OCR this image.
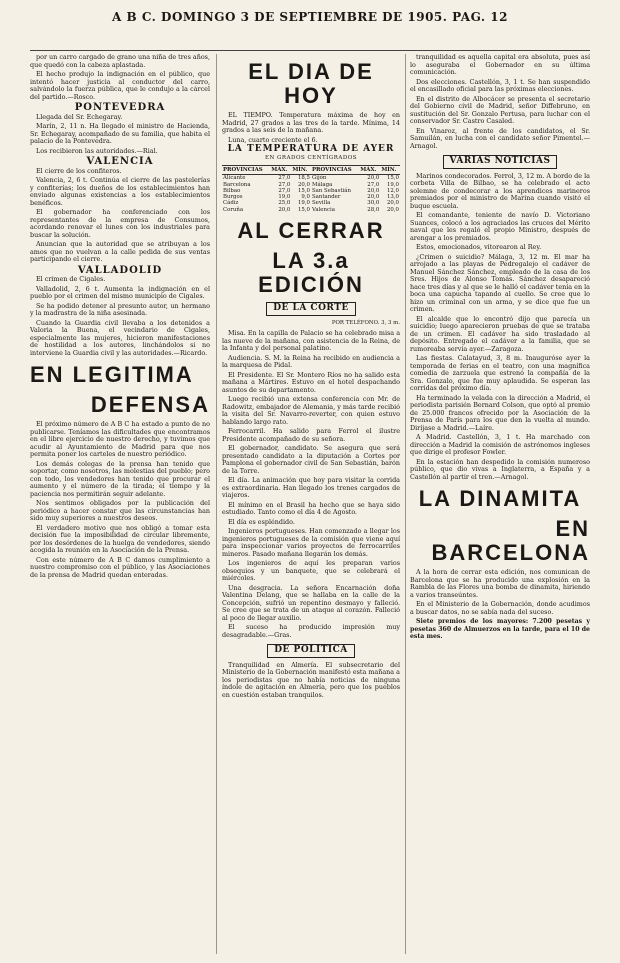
A B C. DOMINGO 3 DE SEPTIEMBRE DE 1905. PAG. 12

por un carro cargado de grano una niña de tres años, que quedó con la cabeza aplastada.

El hecho produjo la indignación en el público, que intentó hacer justicia al conductor del carro, salvándolo la fuerza pública, que le condujo a la cárcel del partido.—Rosco.

PONTEVEDRA

Llegada del Sr. Echegaray.

Marín, 2, 11 n. Ha llegado el ministro de Hacienda, Sr. Echegaray, acompañado de su familia, que habita el palacio de la Pontevedra.

Los recibieron las autoridades.—Rial.

VALENCIA

El cierre de los confiteros.

Valencia, 2, 6 t. Continúa el cierre de las pastelerías y confiterías; los dueños de los establecimientos han enviado algunas existencias a los establecimientos benéficos.

El gobernador ha conferenciado con los representantes de la empresa de Consumos, acordando renovar el lunes con los industriales para buscar la solución.

Anuncian que la autoridad que se atribuyan a los amos que no vuelvan a la calle pedida de sus ventas participando el cierre.

VALLADOLID

El crimen de Cigales.

Valladolid, 2, 6 t. Aumenta la indignación en el pueblo por el crimen del mismo municipio de Cigales.

Se ha podido detener al presunto autor, un hermano y la madrastra de la niña asesinada.

Cuando la Guardia civil llevaba a los detenidos a Valoria la Buena, el vecindario de Cigales, especialmente las mujeres, hicieron manifestaciones de hostilidad a los autores, linchándolos si no interviene la Guardia civil y las autoridades.—Ricardo.

EN LEGITIMA
DEFENSA

El próximo número de A B C ha estado a punto de no publicarse. Teníamos las dificultades que encontramos en el libre ejercicio de nuestro derecho, y tuvimos que acudir al Ayuntamiento de Madrid para que nos permita poner los carteles de nuestro periódico.

Los demás colegas de la prensa han tenido que soportar, como nosotros, las molestias del pueblo; pero con todo, los vendedores han tenido que procurar el aumento y el número de la tirada; el tiempo y la paciencia nos permitirán seguir adelante.

Nos sentimos obligados por la publicación del periódico a hacer constar que las circunstancias han sido muy superiores a nuestros deseos.

El verdadero motivo que nos obligó a tomar esta decisión fue la imposibilidad de circular libremente, por los desórdenes de la huelga de vendedores, siendo acogida la reunión en la Asociación de la Prensa.

Con este número de A B C damos cumplimiento a nuestro compromiso con el público, y las Asociaciones de la prensa de Madrid quedan enteradas.

EL DIA DE HOY

EL TIEMPO. Temperatura máxima de hoy en Madrid, 27 grados a las tres de la tarde. Mínima, 14 grados a las seis de la mañana.

Luna, cuarto creciente el 6.

LA TEMPERATURA DE AYER
EN GRADOS CENTÍGRADOS
PROVINCIAS	MÁX.	MÍN.	PROVINCIAS	MÁX.	MÍN.
Alicante	27,0	18,5	Gijón	20,0	15,0
Barcelona	27,0	20,0	Málaga	27,0	19,0
Bilbao	27,0	15,0	San Sebastián	20,0	12,0
Burgos	19,0	9,0	Santander	20,0	13,0
Cádiz	25,0	19,0	Sevilla	30,0	20,0
Coruña	20,0	15,0	Valencia	28,0	20,0
AL CERRAR
LA 3.a EDICIÓN
DE LA CORTE
POR TELÉFONO. 3, 3 m.

Misa. En la capilla de Palacio se ha celebrado misa a las nueve de la mañana, con asistencia de la Reina, de la Infanta y del personal palatino.

Audiencia. S. M. la Reina ha recibido en audiencia a la marquesa de Pidal.

El Presidente. El Sr. Montero Ríos no ha salido esta mañana a Mártires. Estuvo en el hotel despachando asuntos de su departamento.

Luego recibió una extensa conferencia con Mr. de Radowitz, embajador de Alemania, y más tarde recibió la visita del Sr. Navarro-reverter, con quien estuvo hablando largo rato.

Ferrocarril. Ha salido para Ferrol el ilustre Presidente acompañado de su señora.

El gobernador, candidato. Se asegura que será presentado candidato a la diputación a Cortes por Pamplona el gobernador civil de San Sebastián, barón de la Torre.

El día. La animación que hoy para visitar la corrida es extraordinaria. Han llegado los trenes cargados de viajeros.

El mínimo en el Brasil ha hecho que se haya sido estudiado. Tanto como el día 4 de Agosto.

El día es espléndido.

Ingenieros portugueses. Han comenzado a llegar los ingenieros portugueses de la comisión que viene aquí para inspeccionar varios proyectos de ferrocarriles mineros. Pasado mañana llegarán los demás.

Los ingenieros de aquí les preparan varios obsequios y un banquete, que se celebrará el miércoles.

Una desgracia. La señora Encarnación doña Valentina Delang, que se hallaba en la calle de la Concepción, sufrió un repentino desmayo y falleció. Se cree que se trata de un ataque al corazón. Falleció al poco de llegar auxilio.

El suceso ha producido impresión muy desagradable.—Gras.

DE POLITICA

Tranquilidad en Almería. El subsecretario del Ministerio de la Gobernación manifestó esta mañana a los periodistas que no había noticias de ninguna índole de agitación en Almería, pero que los pueblos en cuestión estaban tranquilos.

tranquilidad es aquella capital era absoluta, pues así lo aseguraba el Gobernador en su última comunicación.

Dos elecciones. Castellón, 3, 1 t. Se han suspendido el encasillado oficial para las próximas elecciones.

En el distrito de Albocácer se presenta el secretario del Gobierno civil de Madrid, señor Diffebruno, en sustitución del Sr. Gonzalo Pertusa, para luchar con el conservador Sr. Castro Casaled.

En Vinaroz, al frente de los candidatos, el Sr. Samuilán, en lucha con el candidato señor Pimentel.—Arnagol.

VARIAS NOTICIAS

Marinos condecorados. Ferrol, 3, 12 m. A bordo de la corbeta Villa de Bilbao, se ha celebrado el acto solemne de condecorar a los aprendices marineros premiados por el ministro de Marina cuando visitó el buque escuela.

El comandante, teniente de navío D. Victoriano Suances, colocó a los agraciados las cruces del Mérito naval que les regaló el propio Ministro, después de arengar a los premiados.

Estos, emocionados, vitorearon al Rey.

¿Crimen o suicidio? Málaga, 3, 12 m. El mar ha arrojado a las playas de Pedregalejo el cadáver de Manuel Sánchez Sánchez, empleado de la casa de los Sres. Hijos de Alonso Tomás. Sánchez desapareció hace tres días y al que se le halló el cadáver tenía en la boca una capucha tapando al cuello. Se cree que lo hizo un criminal con un arma, y se dice que fue un crimen.

El alcalde que lo encontró dijo que parecía un suicidio; luego aparecieron pruebas de que se trataba de un crimen. El cadáver ha sido trasladado al depósito. Entregado el cadáver a la familia, que se rumoreaba servía ayer.—Zaragoza.

Las fiestas. Calatayud, 3, 8 m. Inauguróse ayer la temporada de ferias en el teatro, con una magnífica comedia de zarzuela que estrenó la compañía de la Sra. Gonzalo, que fue muy aplaudida. Se esperan las corridas del próximo día.

Ha terminado la velada con la dirección a Madrid, el periodista parisién Bernard Colson, que optó al premio de 25.000 francos ofrecido por la Asociación de la Prensa de París para los que den la vuelta al mundo. Diríjase a Madrid.—Laíre.

A Madrid. Castellón, 3, 1 t. Ha marchado con dirección a Madrid la comisión de astrónomos ingleses que dirige el profesor Fowler.

En la estación han despedido la comisión numeroso público, que dio vivas a Inglaterra, a España y a Castellón al partir el tren.—Arnagol.

LA DINAMITA
EN BARCELONA

A la hora de cerrar esta edición, nos comunican de Barcelona que se ha producido una explosión en la Rambla de las Flores una bomba de dinamita, hiriendo a varios transeúntes.

En el Ministerio de la Gobernación, donde acudimos a buscar datos, no se sabía nada del suceso.

Siete premios de los mayores: 7.200 pesetas y pesetas 360 de Almuerzos en la tarde, para el 10 de esta mes.
